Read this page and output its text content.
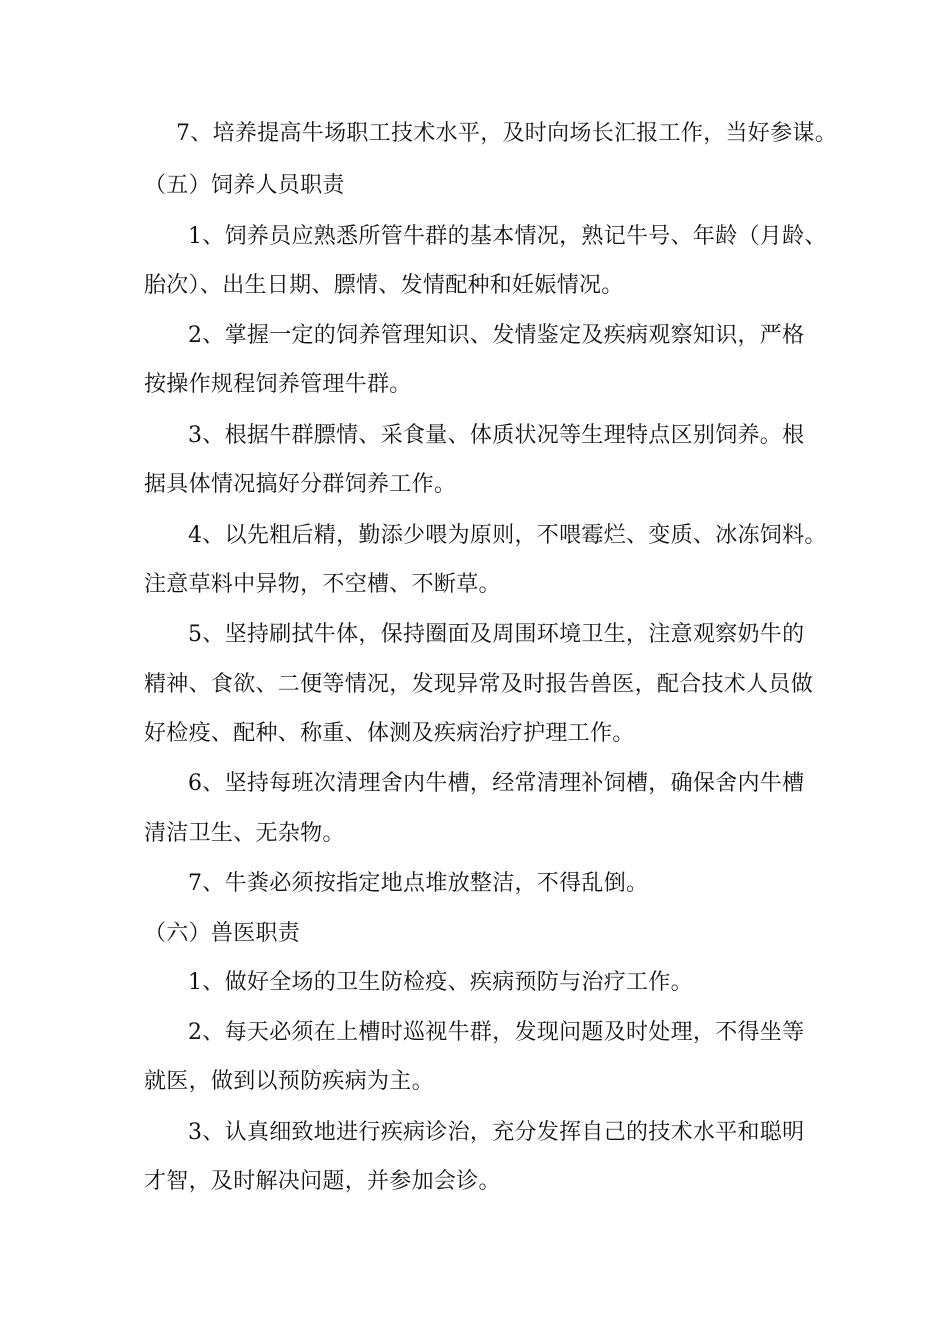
7、培养提高牛场职工技术水平，及时向场长汇报工作，当好参谋。
（五）饲养人员职责
1、饲养员应熟悉所管牛群的基本情况，熟记牛号、年龄（月龄、
胎次）、出生日期、膘情、发情配种和妊娠情况。
2、掌握一定的饲养管理知识、发情鉴定及疾病观察知识，严格
按操作规程饲养管理牛群。
3、根据牛群膘情、采食量、体质状况等生理特点区别饲养。根
据具体情况搞好分群饲养工作。
4、以先粗后精，勤添少喂为原则，不喂霉烂、变质、冰冻饲料。
注意草料中异物，不空槽、不断草。
5、坚持刷拭牛体，保持圈面及周围环境卫生，注意观察奶牛的
精神、食欲、二便等情况，发现异常及时报告兽医，配合技术人员做
好检疫、配种、称重、体测及疾病治疗护理工作。
6、坚持每班次清理舍内牛槽，经常清理补饲槽，确保舍内牛槽
清洁卫生、无杂物。
7、牛粪必须按指定地点堆放整洁，不得乱倒。
（六）兽医职责
1、做好全场的卫生防检疫、疾病预防与治疗工作。
2、每天必须在上槽时巡视牛群，发现问题及时处理，不得坐等
就医，做到以预防疾病为主。
3、认真细致地进行疾病诊治，充分发挥自己的技术水平和聪明
才智，及时解决问题，并参加会诊。
